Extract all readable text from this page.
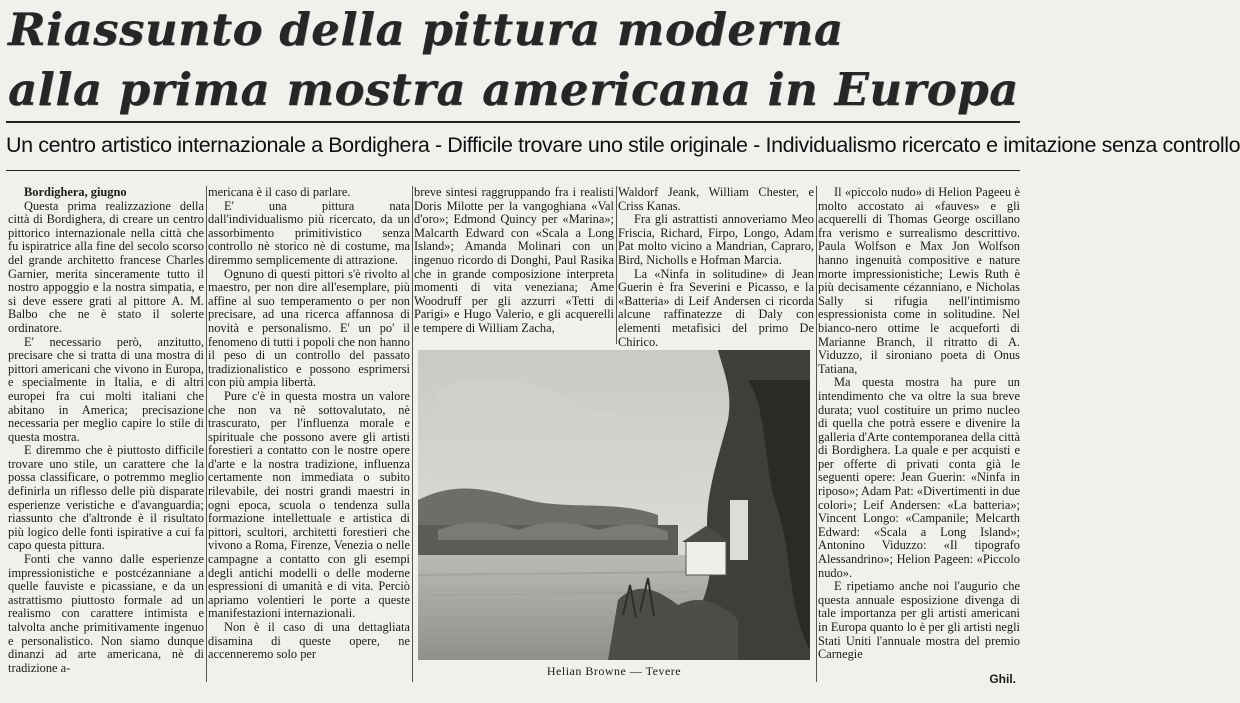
Riassunto della pittura moderna
alla prima mostra americana in Europa
Un centro artistico internazionale a Bordighera - Difficile trovare uno stile originale - Individualismo ricercato e imitazione senza controllo

Bordighera, giugno

Questa prima realizzazione della città di Bordighera, di creare un centro pittorico internazionale nella città che fu ispiratrice alla fine del secolo scorso del grande architetto francese Charles Garnier, merita sinceramente tutto il nostro appoggio e la nostra simpatia, e si deve essere grati al pittore A. M. Balbo che ne è stato il solerte ordinatore.

E' necessario però, anzitutto, precisare che si tratta di una mostra di pittori americani che vivono in Europa, e specialmente in Italia, e di altri europei fra cui molti italiani che abitano in America; precisazione necessaria per meglio capire lo stile di questa mostra.

E diremmo che è piuttosto difficile trovare uno stile, un carattere che la possa classificare, o potremmo meglio definirla un riflesso delle più disparate esperienze veristiche e d'avanguardia; riassunto che d'altronde è il risultato più logico delle fonti ispirative a cui fa capo questa pittura.

Fonti che vanno dalle esperienze impressionistiche e postcézanniane a quelle fauviste e picassiane, e da un astrattismo piuttosto formale ad un realismo con carattere intimista e talvolta anche primitivamente ingenuo e personalistico. Non siamo dunque dinanzi ad arte americana, nè di tradizione a-

mericana è il caso di parlare.

E' una pittura nata dall'individualismo più ricercato, da un assorbimento primitivistico senza controllo nè storico nè di costume, ma diremmo semplicemente di attrazione.

Ognuno di questi pittori s'è rivolto al maestro, per non dire all'esemplare, più affine al suo temperamento o per non precisare, ad una ricerca affannosa di novità e personalismo. E' un po' il fenomeno di tutti i popoli che non hanno il peso di un controllo del passato tradizionalistico e possono esprimersi con più ampia libertà.

Pure c'è in questa mostra un valore che non va nè sottovalutato, nè trascurato, per l'influenza morale e spirituale che possono avere gli artisti forestieri a contatto con le nostre opere d'arte e la nostra tradizione, influenza certamente non immediata o subito rilevabile, dei nostri grandi maestri in ogni epoca, scuola o tendenza sulla formazione intellettuale e artistica di pittori, scultori, architetti forestieri che vivono a Roma, Firenze, Venezia o nelle campagne a contatto con gli esempi degli antichi modelli o delle moderne espressioni di umanità e di vita. Perciò apriamo volentieri le porte a queste manifestazioni internazionali.

Non è il caso di una dettagliata disamina di queste opere, ne accenneremo solo per

breve sintesi raggruppando fra i realisti Doris Milotte per la vangoghiana «Val d'oro»; Edmond Quincy per «Marina»; Malcarth Edward con «Scala a Long Island»; Amanda Molinari con un ingenuo ricordo di Donghi, Paul Rasika che in grande composizione interpreta momenti di vita veneziana; Ame Woodruff per gli azzurri «Tetti di Parigi» e Hugo Valerio, e gli acquerelli e tempere di William Zacha,

Waldorf Jeank, William Chester, e Criss Kanas.

Fra gli astrattisti annoveriamo Meo Friscia, Richard, Firpo, Longo, Adam Pat molto vicino a Mandrian, Capraro, Bird, Nicholls e Hofman Marcia.

La «Ninfa in solitudine» di Jean Guerin è fra Severini e Picasso, e la «Batteria» di Leif Andersen ci ricorda alcune raffinatezze di Daly con elementi metafisici del primo De Chirico.

Il «piccolo nudo» di Helion Pageeu è molto accostato ai «fauves» e gli acquerelli di Thomas George oscillano fra verismo e surrealismo descrittivo. Paula Wolfson e Max Jon Wolfson hanno ingenuità compositive e nature morte impressionistiche; Lewis Ruth è più decisamente cézanniano, e Nicholas Sally si rifugia nell'intimismo espressionista come in solitudine. Nel bianco-nero ottime le acqueforti di Marianne Branch, il ritratto di A. Viduzzo, il sironiano poeta di Onus Tatiana,

Ma questa mostra ha pure un intendimento che va oltre la sua breve durata; vuol costituire un primo nucleo di quella che potrà essere e divenire la galleria d'Arte contemporanea della città di Bordighera. La quale e per acquisti e per offerte di privati conta già le seguenti opere: Jean Guerin: «Ninfa in riposo»; Adam Pat: «Divertimenti in due colori»; Leif Andersen: «La batteria»; Vincent Longo: «Campanile; Melcarth Edward: «Scala a Long Island»; Antonino Viduzzo: «Il tipografo Alessandrino»; Helion Pageen: «Piccolo nudo».

E ripetiamo anche noi l'augurio che questa annuale esposizione divenga di tale importanza per gli artisti americani in Europa quanto lo è per gli artisti negli Stati Uniti l'annuale mostra del premio Carnegie

Helian Browne — Tevere
Ghil.
